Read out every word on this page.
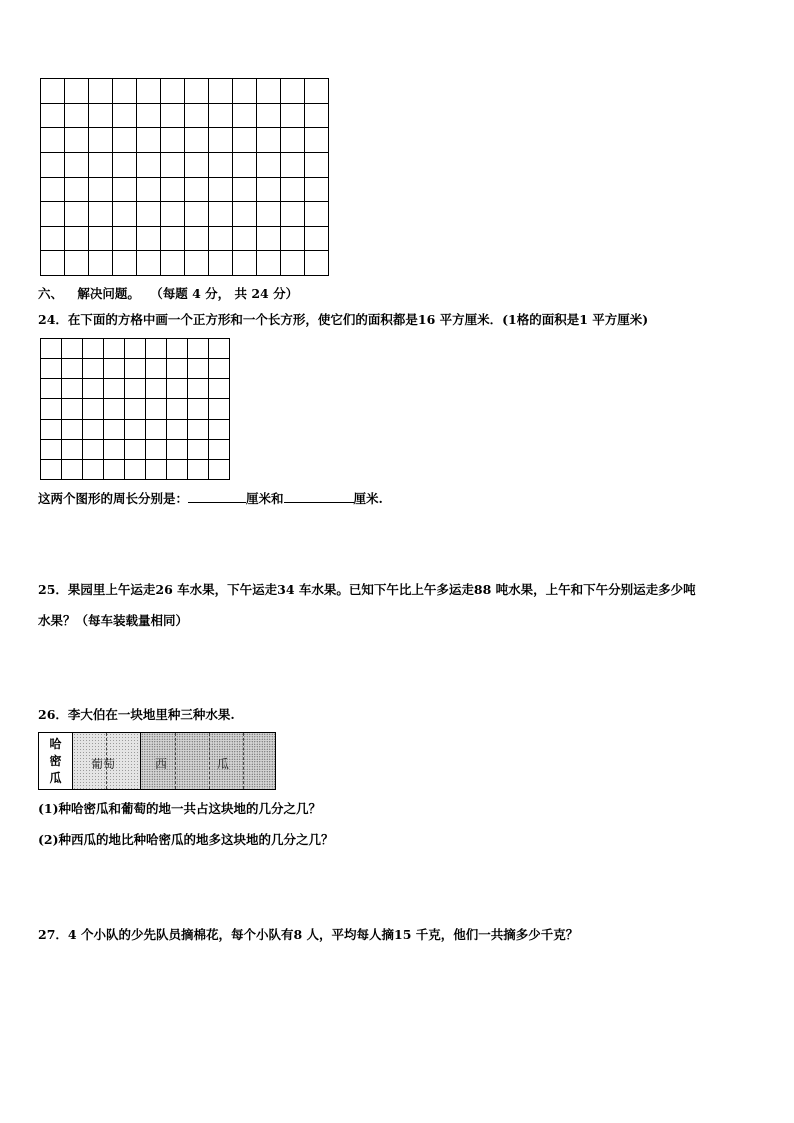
六、 解决问题。 （每题 4 分， 共 24 分）
24．在下面的方格中画一个正方形和一个长方形，使它们的面积都是16 平方厘米．(1格的面积是1 平方厘米)

这两个图形的周长分别是：	厘米和	厘米.
25．果园里上午运走26 车水果，下午运走34 车水果。已知下午比上午多运走88 吨水果，上午和下午分别运走多少吨
水果？（每车装载量相同）
26．李大伯在一块地里种三种水果.
哈
密
瓜
葡萄	西	瓜
(1)种哈密瓜和葡萄的地一共占这块地的几分之几？
(2)种西瓜的地比种哈密瓜的地多这块地的几分之几？
27．4 个小队的少先队员摘棉花，每个小队有8 人，平均每人摘15 千克，他们一共摘多少千克？
